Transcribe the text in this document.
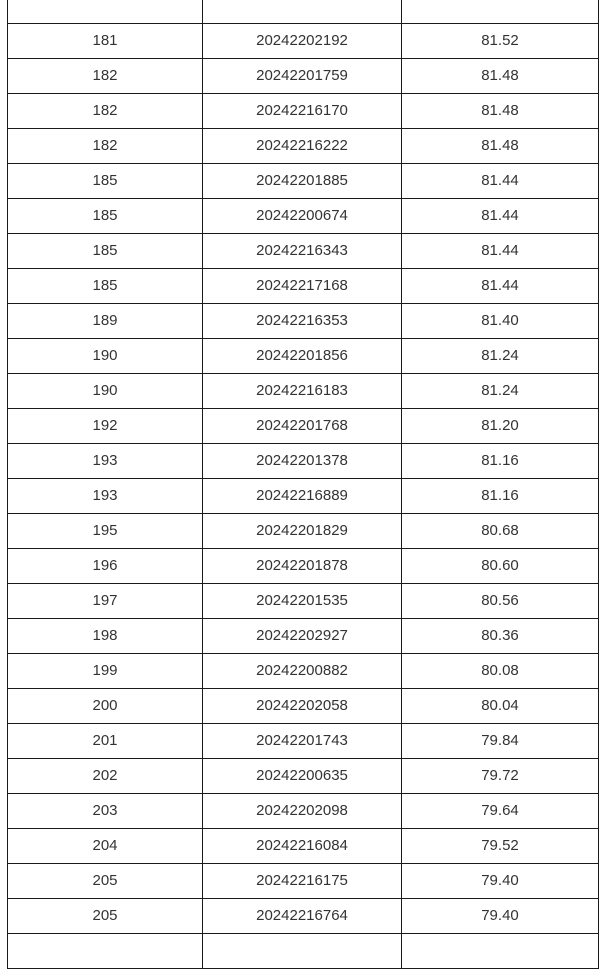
181	20242202192	81.52
182	20242201759	81.48
182	20242216170	81.48
182	20242216222	81.48
185	20242201885	81.44
185	20242200674	81.44
185	20242216343	81.44
185	20242217168	81.44
189	20242216353	81.40
190	20242201856	81.24
190	20242216183	81.24
192	20242201768	81.20
193	20242201378	81.16
193	20242216889	81.16
195	20242201829	80.68
196	20242201878	80.60
197	20242201535	80.56
198	20242202927	80.36
199	20242200882	80.08
200	20242202058	80.04
201	20242201743	79.84
202	20242200635	79.72
203	20242202098	79.64
204	20242216084	79.52
205	20242216175	79.40
205	20242216764	79.40
